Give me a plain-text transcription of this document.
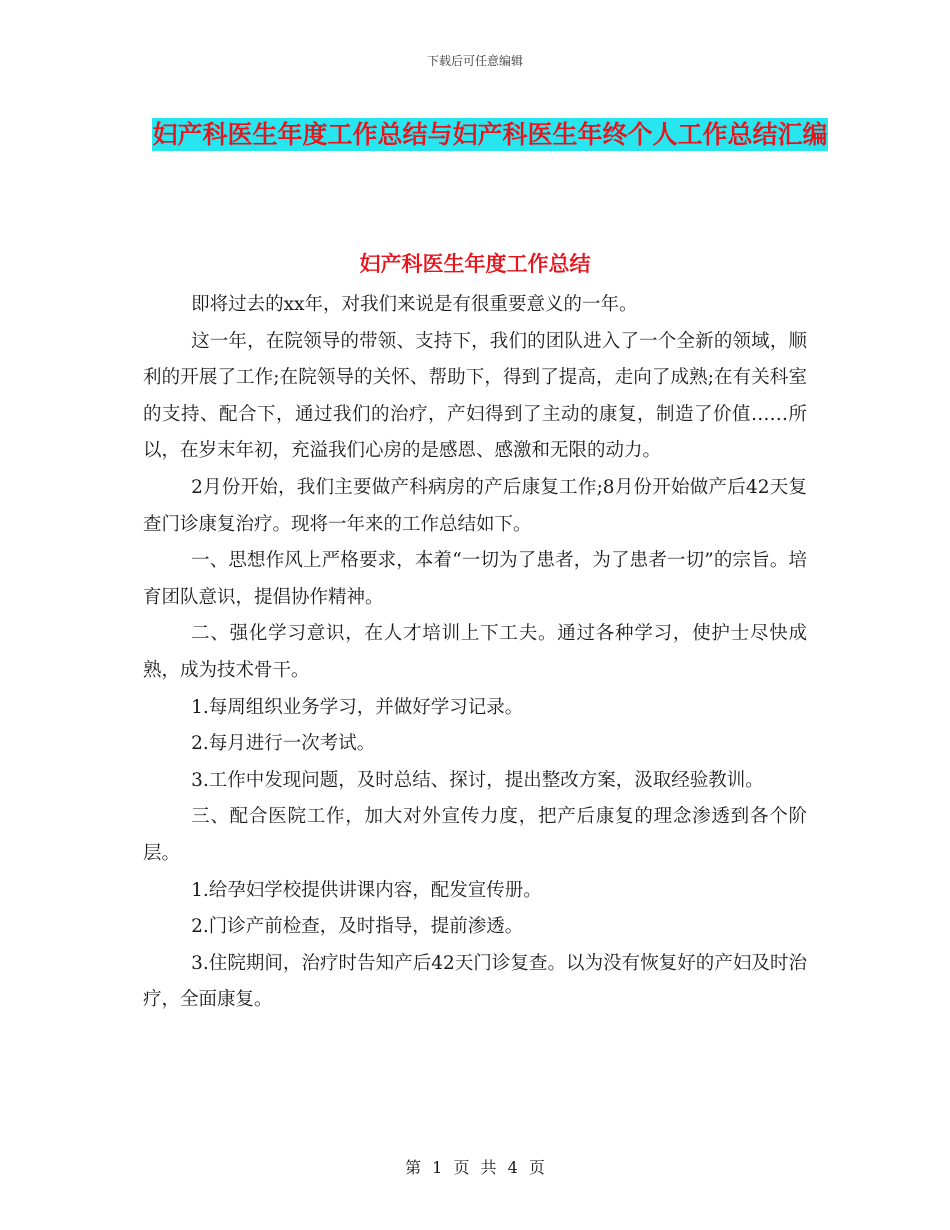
下载后可任意编辑
妇产科医生年度工作总结与妇产科医生年终个人工作总结汇编
妇产科医生年度工作总结

即将过去的xx年，对我们来说是有很重要意义的一年。

这一年，在院领导的带领、支持下，我们的团队进入了一个全新的领域，顺利的开展了工作;在院领导的关怀、帮助下，得到了提高，走向了成熟;在有关科室的支持、配合下，通过我们的治疗，产妇得到了主动的康复，制造了价值……所以，在岁末年初，充溢我们心房的是感恩、感激和无限的动力。

2月份开始，我们主要做产科病房的产后康复工作;8月份开始做产后42天复查门诊康复治疗。现将一年来的工作总结如下。

一、思想作风上严格要求，本着“一切为了患者，为了患者一切”的宗旨。培育团队意识，提倡协作精神。

二、强化学习意识，在人才培训上下工夫。通过各种学习，使护士尽快成熟，成为技术骨干。

1.每周组织业务学习，并做好学习记录。

2.每月进行一次考试。

3.工作中发现问题，及时总结、探讨，提出整改方案，汲取经验教训。

三、配合医院工作，加大对外宣传力度，把产后康复的理念渗透到各个阶层。

1.给孕妇学校提供讲课内容，配发宣传册。

2.门诊产前检查，及时指导，提前渗透。

3.住院期间，治疗时告知产后42天门诊复查。以为没有恢复好的产妇及时治疗，全面康复。

第 1 页 共 4 页
